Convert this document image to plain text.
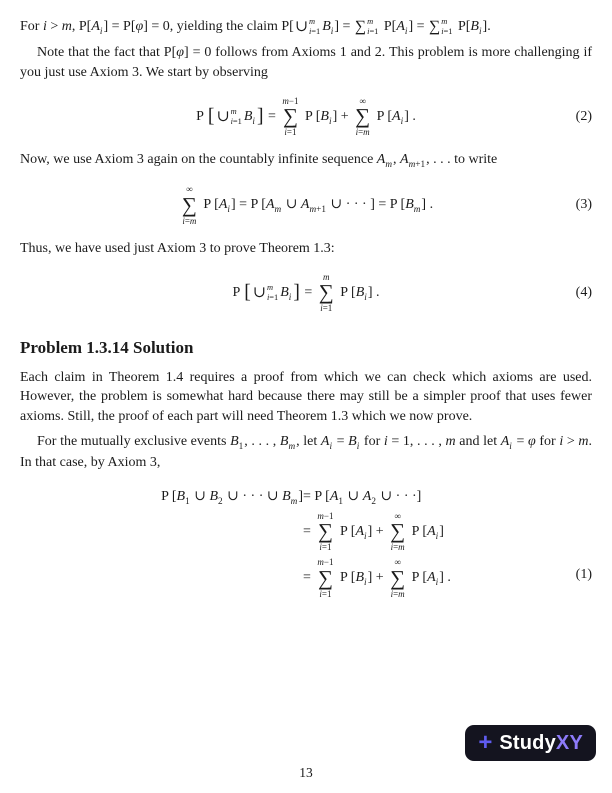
For i > m, $P[A_i] = P[\varphi] = 0$, yielding the claim P[ ∪ m
i=1 $B_i$] = ∑ m
i=1 $P[A_i]$ = ∑ m
i=1 $P[B_i]$.

Note that the fact that P[φ] = 0 follows from Axioms 1 and 2. This problem is more challenging if you just use Axiom 3. We start by observing

P [ ∪ m
i=1 $B_i$ ] =
m−1
∑
i=1
P $[B_i]$ +
∞
∑
i=m
P $[A_i]$ .	(2)

Now, we use Axiom 3 again on the countably infinite sequence $A_m$, $A_{m+1}$, . . . to write

∞
∑
i=m
P $[A_i] = P$ [$A_m$ ∪ $A_{m+1}$ ∪ · · · ] = P $[B_m]$ .	(3)

Thus, we have used just Axiom 3 to prove Theorem 1.3:

P [ ∪ m
i=1 $B_i$ ] =
m
∑
i=1
P $[B_i]$ .	(4)
Problem 1.3.14 Solution

Each claim in Theorem 1.4 requires a proof from which we can check which axioms are used. However, the problem is somewhat hard because there may still be a simpler proof that uses fewer axioms. Still, the proof of each part will need Theorem 1.3 which we now prove.

For the mutually exclusive events $B_1$, . . . , $B_m$, let $A_i = B_i$ for i = 1, . . . , m and let $A_i = \varphi$ for i > m. In that case, by Axiom 3,

P [$B_1$ ∪ $B_2$ ∪ · · · ∪ $B_m] = P$ [$A_1$ ∪ $A_2$ ∪ · · ·]
=
m−1
∑
i=1
P $[A_i]$ +
∞
∑
i=m
P $[A_i]$
=
m−1
∑
i=1
P $[B_i]$ +
∞
∑
i=m
P $[A_i]$ .	(1)
+ StudyXY
13
